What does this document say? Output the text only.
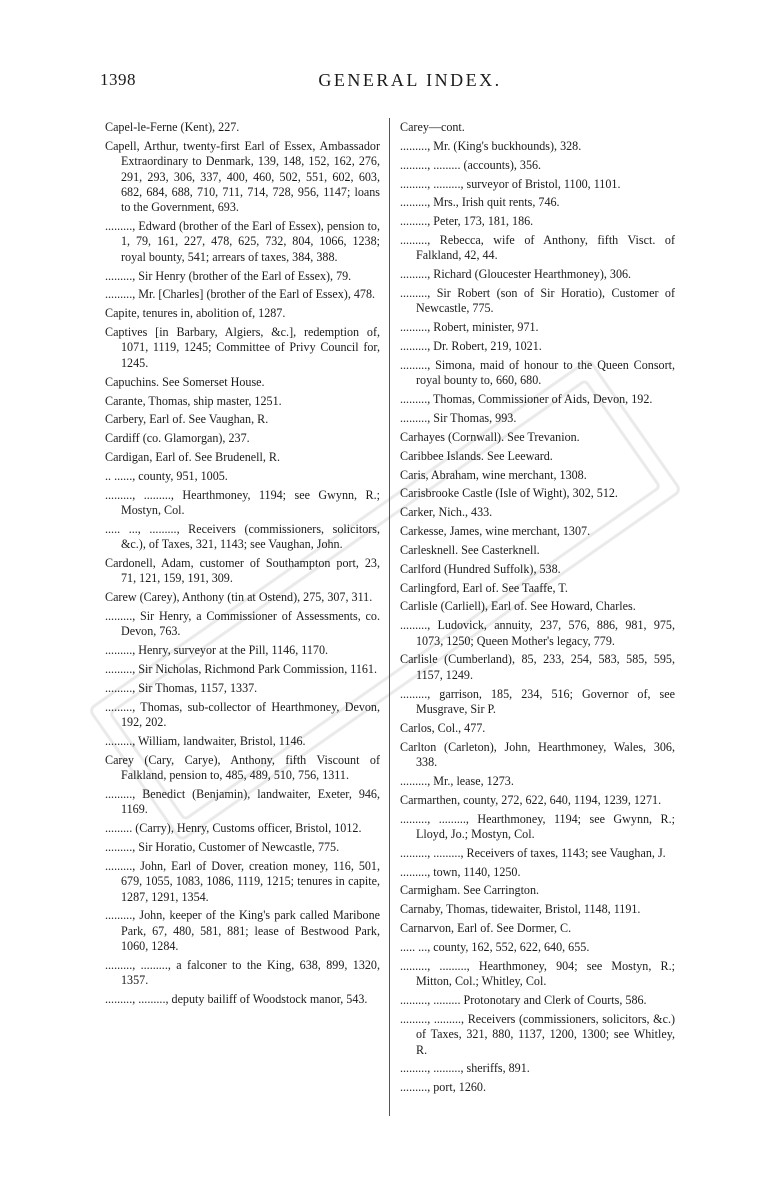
1398	GENERAL INDEX.

Capel-le-Ferne (Kent), 227.

Capell, Arthur, twenty-first Earl of Essex, Ambassador Extraordinary to Denmark, 139, 148, 152, 162, 276, 291, 293, 306, 337, 400, 460, 502, 551, 602, 603, 682, 684, 688, 710, 711, 714, 728, 956, 1147; loans to the Government, 693.

........., Edward (brother of the Earl of Essex), pension to, 1, 79, 161, 227, 478, 625, 732, 804, 1066, 1238; royal bounty, 541; arrears of taxes, 384, 388.

........., Sir Henry (brother of the Earl of Essex), 79.

........., Mr. [Charles] (brother of the Earl of Essex), 478.

Capite, tenures in, abolition of, 1287.

Captives [in Barbary, Algiers, &c.], redemption of, 1071, 1119, 1245; Committee of Privy Council for, 1245.

Capuchins. See Somerset House.

Carante, Thomas, ship master, 1251.

Carbery, Earl of. See Vaughan, R.

Cardiff (co. Glamorgan), 237.

Cardigan, Earl of. See Brudenell, R.

.. ......, county, 951, 1005.

........., ........., Hearthmoney, 1194; see Gwynn, R.; Mostyn, Col.

..... ..., ........., Receivers (commissioners, solicitors, &c.), of Taxes, 321, 1143; see Vaughan, John.

Cardonell, Adam, customer of Southampton port, 23, 71, 121, 159, 191, 309.

Carew (Carey), Anthony (tin at Ostend), 275, 307, 311.

........., Sir Henry, a Commissioner of Assessments, co. Devon, 763.

........., Henry, surveyor at the Pill, 1146, 1170.

........., Sir Nicholas, Richmond Park Commission, 1161.

........., Sir Thomas, 1157, 1337.

........., Thomas, sub-collector of Hearthmoney, Devon, 192, 202.

........., William, landwaiter, Bristol, 1146.

Carey (Cary, Carye), Anthony, fifth Viscount of Falkland, pension to, 485, 489, 510, 756, 1311.

........., Benedict (Benjamin), landwaiter, Exeter, 946, 1169.

......... (Carry), Henry, Customs officer, Bristol, 1012.

........., Sir Horatio, Customer of Newcastle, 775.

........., John, Earl of Dover, creation money, 116, 501, 679, 1055, 1083, 1086, 1119, 1215; tenures in capite, 1287, 1291, 1354.

........., John, keeper of the King's park called Maribone Park, 67, 480, 581, 881; lease of Bestwood Park, 1060, 1284.

........., ........., a falconer to the King, 638, 899, 1320, 1357.

........., ........., deputy bailiff of Woodstock manor, 543.

Carey—cont.

........., Mr. (King's buckhounds), 328.

........., ......... (accounts), 356.

........., ........., surveyor of Bristol, 1100, 1101.

........., Mrs., Irish quit rents, 746.

........., Peter, 173, 181, 186.

........., Rebecca, wife of Anthony, fifth Visct. of Falkland, 42, 44.

........., Richard (Gloucester Hearthmoney), 306.

........., Sir Robert (son of Sir Horatio), Customer of Newcastle, 775.

........., Robert, minister, 971.

........., Dr. Robert, 219, 1021.

........., Simona, maid of honour to the Queen Consort, royal bounty to, 660, 680.

........., Thomas, Commissioner of Aids, Devon, 192.

........., Sir Thomas, 993.

Carhayes (Cornwall). See Trevanion.

Caribbee Islands. See Leeward.

Caris, Abraham, wine merchant, 1308.

Carisbrooke Castle (Isle of Wight), 302, 512.

Carker, Nich., 433.

Carkesse, James, wine merchant, 1307.

Carlesknell. See Casterknell.

Carlford (Hundred Suffolk), 538.

Carlingford, Earl of. See Taaffe, T.

Carlisle (Carliell), Earl of. See Howard, Charles.

........., Ludovick, annuity, 237, 576, 886, 981, 975, 1073, 1250; Queen Mother's legacy, 779.

Carlisle (Cumberland), 85, 233, 254, 583, 585, 595, 1157, 1249.

........., garrison, 185, 234, 516; Governor of, see Musgrave, Sir P.

Carlos, Col., 477.

Carlton (Carleton), John, Hearthmoney, Wales, 306, 338.

........., Mr., lease, 1273.

Carmarthen, county, 272, 622, 640, 1194, 1239, 1271.

........., ........., Hearthmoney, 1194; see Gwynn, R.; Lloyd, Jo.; Mostyn, Col.

........., ........., Receivers of taxes, 1143; see Vaughan, J.

........., town, 1140, 1250.

Carmigham. See Carrington.

Carnaby, Thomas, tidewaiter, Bristol, 1148, 1191.

Carnarvon, Earl of. See Dormer, C.

..... ..., county, 162, 552, 622, 640, 655.

........., ........., Hearthmoney, 904; see Mostyn, R.; Mitton, Col.; Whitley, Col.

........., ......... Protonotary and Clerk of Courts, 586.

........., ........., Receivers (commissioners, solicitors, &c.) of Taxes, 321, 880, 1137, 1200, 1300; see Whitley, R.

........., ........., sheriffs, 891.

........., port, 1260.
